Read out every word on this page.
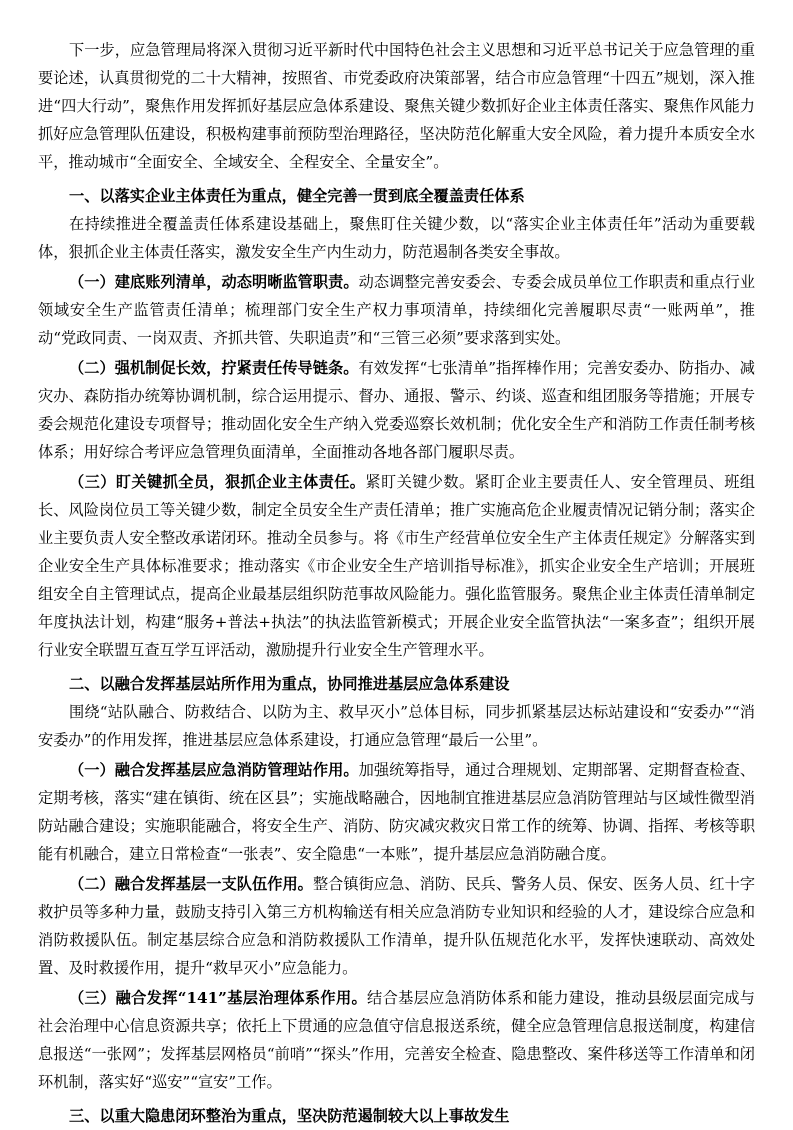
下一步，应急管理局将深入贯彻习近平新时代中国特色社会主义思想和习近平总书记关于应急管理的重要论述，认真贯彻党的二十大精神，按照省、市党委政府决策部署，结合市应急管理“十四五”规划，深入推进“四大行动”，聚焦作用发挥抓好基层应急体系建设、聚焦关键少数抓好企业主体责任落实、聚焦作风能力抓好应急管理队伍建设，积极构建事前预防型治理路径，坚决防范化解重大安全风险，着力提升本质安全水平，推动城市“全面安全、全域安全、全程安全、全量安全”。

一、以落实企业主体责任为重点，健全完善一贯到底全覆盖责任体系

在持续推进全覆盖责任体系建设基础上，聚焦盯住关键少数，以“落实企业主体责任年”活动为重要载体，狠抓企业主体责任落实，激发安全生产内生动力，防范遏制各类安全事故。

（一）建底账列清单，动态明晰监管职责。动态调整完善安委会、专委会成员单位工作职责和重点行业领域安全生产监管责任清单；梳理部门安全生产权力事项清单，持续细化完善履职尽责“一账两单”，推动“党政同责、一岗双责、齐抓共管、失职追责”和“三管三必须”要求落到实处。

（二）强机制促长效，拧紧责任传导链条。有效发挥“七张清单”指挥棒作用；完善安委办、防指办、减灾办、森防指办统筹协调机制，综合运用提示、督办、通报、警示、约谈、巡查和组团服务等措施；开展专委会规范化建设专项督导；推动固化安全生产纳入党委巡察长效机制；优化安全生产和消防工作责任制考核体系；用好综合考评应急管理负面清单，全面推动各地各部门履职尽责。

（三）盯关键抓全员，狠抓企业主体责任。紧盯关键少数。紧盯企业主要责任人、安全管理员、班组长、风险岗位员工等关键少数，制定全员安全生产责任清单；推广实施高危企业履责情况记销分制；落实企业主要负责人安全整改承诺闭环。推动全员参与。将《市生产经营单位安全生产主体责任规定》分解落实到企业安全生产具体标准要求；推动落实《市企业安全生产培训指导标准》，抓实企业安全生产培训；开展班组安全自主管理试点，提高企业最基层组织防范事故风险能力。强化监管服务。聚焦企业主体责任清单制定年度执法计划，构建“服务+普法+执法”的执法监管新模式；开展企业安全监管执法“一案多查”；组织开展行业安全联盟互查互学互评活动，激励提升行业安全生产管理水平。

二、以融合发挥基层站所作用为重点，协同推进基层应急体系建设

围绕“站队融合、防救结合、以防为主、救早灭小”总体目标，同步抓紧基层达标站建设和“安委办”“消安委办”的作用发挥，推进基层应急体系建设，打通应急管理“最后一公里”。

（一）融合发挥基层应急消防管理站作用。加强统筹指导，通过合理规划、定期部署、定期督查检查、定期考核，落实“建在镇街、统在区县”；实施战略融合，因地制宜推进基层应急消防管理站与区域性微型消防站融合建设；实施职能融合，将安全生产、消防、防灾减灾救灾日常工作的统筹、协调、指挥、考核等职能有机融合，建立日常检查“一张表”、安全隐患“一本账”，提升基层应急消防融合度。

（二）融合发挥基层一支队伍作用。整合镇街应急、消防、民兵、警务人员、保安、医务人员、红十字救护员等多种力量，鼓励支持引入第三方机构输送有相关应急消防专业知识和经验的人才，建设综合应急和消防救援队伍。制定基层综合应急和消防救援队工作清单，提升队伍规范化水平，发挥快速联动、高效处置、及时救援作用，提升“救早灭小”应急能力。

（三）融合发挥“141”基层治理体系作用。结合基层应急消防体系和能力建设，推动县级层面完成与社会治理中心信息资源共享；依托上下贯通的应急值守信息报送系统，健全应急管理信息报送制度，构建信息报送“一张网”；发挥基层网格员“前哨”“探头”作用，完善安全检查、隐患整改、案件移送等工作清单和闭环机制，落实好“巡安”“宣安”工作。

三、以重大隐患闭环整治为重点，坚决防范遏制较大以上事故发生
